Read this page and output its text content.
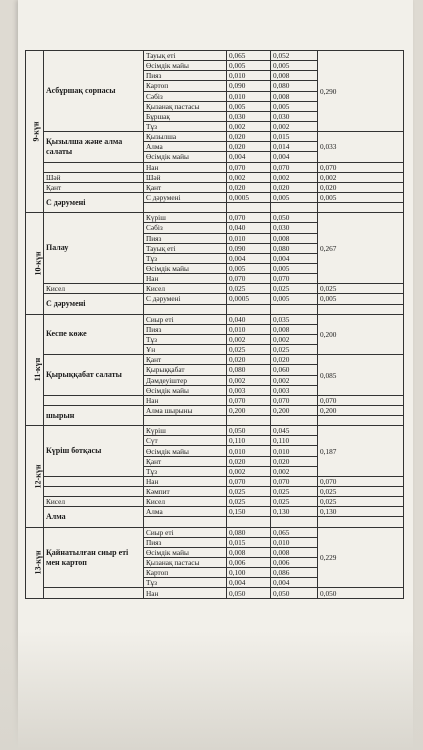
9-күн	Асбұршақ сорпасы	Тауық еті	0,065	0,052	0,290
		Өсімдік майы	0,005	0,005	
		Пияз	0,010	0,008	
		Картоп	0,090	0,080	
		Сәбіз	0,010	0,008	
		Қызанақ пастасы	0,005	0,005	
		Бұршақ	0,030	0,030	
		Тұз	0,002	0,002	
	Қызылша және алма салаты	Қызылша	0,020	0,015	0,033
		Алма	0,020	0,014	
		Өсімдік майы	0,004	0,004	
		Нан	0,070	0,070	0,070
	Шәй	Шәй	0,002	0,002	0,002
	Қант	Қант	0,020	0,020	0,020
	С дәрумені	С дәрумені	0,0005	0,005	0,005

10-күн	Палау	Күріш	0,070	0,050	0,267
		Сәбіз	0,040	0,030	
		Пияз	0,010	0,008	
		Тауық еті	0,090	0,080	
		Тұз	0,004	0,004	
		Өсімдік майы	0,005	0,005	
		Нан	0,070	0,070	
	Кисел	Кисел	0,025	0,025	0,025
	С дәрумені	С дәрумені	0,0005	0,005	0,005

11-күн	Кеспе көже	Сиыр еті	0,040	0,035	0,200
		Пияз	0,010	0,008	
		Тұз	0,002	0,002	
		Ұн	0,025	0,025	
	Қырыққабат салаты	Қант	0,020	0,020	0,085
		Қырыққабат	0,080	0,060	
		Дәмдеуіштер	0,002	0,002	
		Өсімдік майы	0,003	0,003	
		Нан	0,070	0,070	0,070
	шырын	Алма шырыны	0,200	0,200	0,200

12-күн	Күріш ботқасы	Күріш	0,050	0,045	0,187
		Сүт	0,110	0,110	
		Өсімдік майы	0,010	0,010	
		Қант	0,020	0,020	
		Тұз	0,002	0,002	
		Нан	0,070	0,070	0,070
		Кәмпит	0,025	0,025	0,025
	Кисел	Кисел	0,025	0,025	0,025
	Алма	Алма	0,150	0,130	0,130

13-күн	Қайнатылған сиыр еті мен картоп	Сиыр еті	0,080	0,065	0,229
		Пияз	0,015	0,010	
		Өсімдік майы	0,008	0,008	
		Қызанақ пастасы	0,006	0,006	
		Картоп	0,100	0,086	
		Тұз	0,004	0,004	
		Нан	0,050	0,050	0,050
